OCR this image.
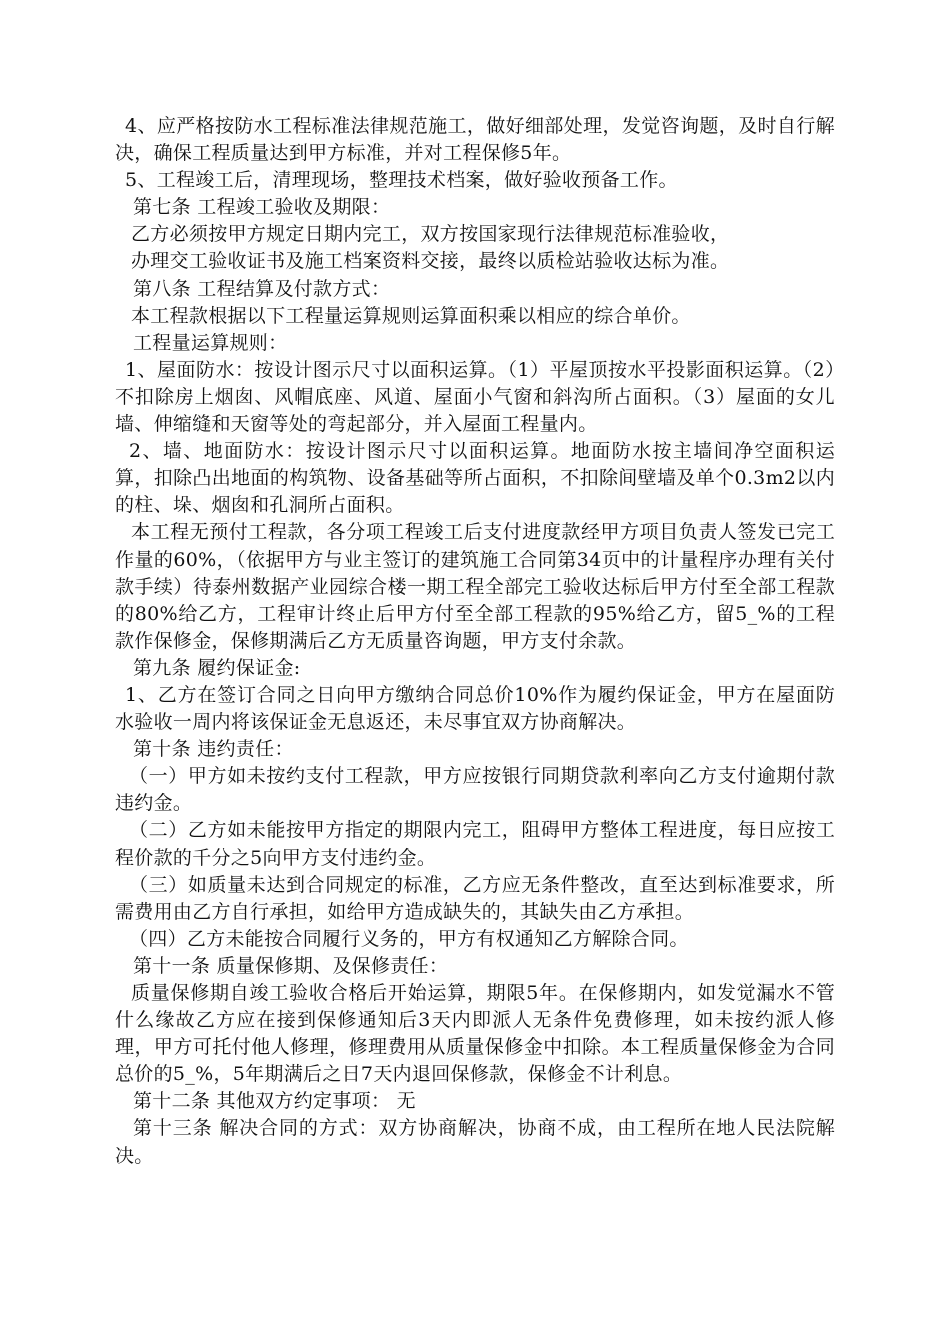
4、应严格按防水工程标准法律规范施工，做好细部处理，发觉咨询题，及时自行解决，确保工程质量达到甲方标准，并对工程保修5年。

5、工程竣工后，清理现场，整理技术档案，做好验收预备工作。

第七条 工程竣工验收及期限：

乙方必须按甲方规定日期内完工，双方按国家现行法律规范标准验收，

办理交工验收证书及施工档案资料交接，最终以质检站验收达标为准。

第八条 工程结算及付款方式：

本工程款根据以下工程量运算规则运算面积乘以相应的综合单价。

工程量运算规则：

1、屋面防水：按设计图示尺寸以面积运算。（1）平屋顶按水平投影面积运算。（2）不扣除房上烟囱、风帽底座、风道、屋面小气窗和斜沟所占面积。（3）屋面的女儿墙、伸缩缝和天窗等处的弯起部分，并入屋面工程量内。

2、墙、地面防水：按设计图示尺寸以面积运算。地面防水按主墙间净空面积运算，扣除凸出地面的构筑物、设备基础等所占面积，不扣除间壁墙及单个0.3m2以内的柱、垛、烟囱和孔洞所占面积。

本工程无预付工程款，各分项工程竣工后支付进度款经甲方项目负责人签发已完工作量的60%，（依据甲方与业主签订的建筑施工合同第34页中的计量程序办理有关付款手续）待泰州数据产业园综合楼一期工程全部完工验收达标后甲方付至全部工程款的80%给乙方，工程审计终止后甲方付至全部工程款的95%给乙方，留5_%的工程款作保修金，保修期满后乙方无质量咨询题，甲方支付余款。

第九条 履约保证金:

1、乙方在签订合同之日向甲方缴纳合同总价10%作为履约保证金，甲方在屋面防水验收一周内将该保证金无息返还，未尽事宜双方协商解决。

第十条 违约责任：

（一）甲方如未按约支付工程款，甲方应按银行同期贷款利率向乙方支付逾期付款违约金。

（二）乙方如未能按甲方指定的期限内完工，阻碍甲方整体工程进度，每日应按工程价款的千分之5向甲方支付违约金。

（三）如质量未达到合同规定的标准，乙方应无条件整改，直至达到标准要求，所需费用由乙方自行承担，如给甲方造成缺失的，其缺失由乙方承担。

（四）乙方未能按合同履行义务的，甲方有权通知乙方解除合同。

第十一条 质量保修期、及保修责任：

质量保修期自竣工验收合格后开始运算，期限5年。在保修期内，如发觉漏水不管什么缘故乙方应在接到保修通知后3天内即派人无条件免费修理，如未按约派人修理，甲方可托付他人修理，修理费用从质量保修金中扣除。本工程质量保修金为合同总价的5_%，5年期满后之日7天内退回保修款，保修金不计利息。

第十二条 其他双方约定事项： 无

第十三条 解决合同的方式：双方协商解决，协商不成，由工程所在地人民法院解决。
